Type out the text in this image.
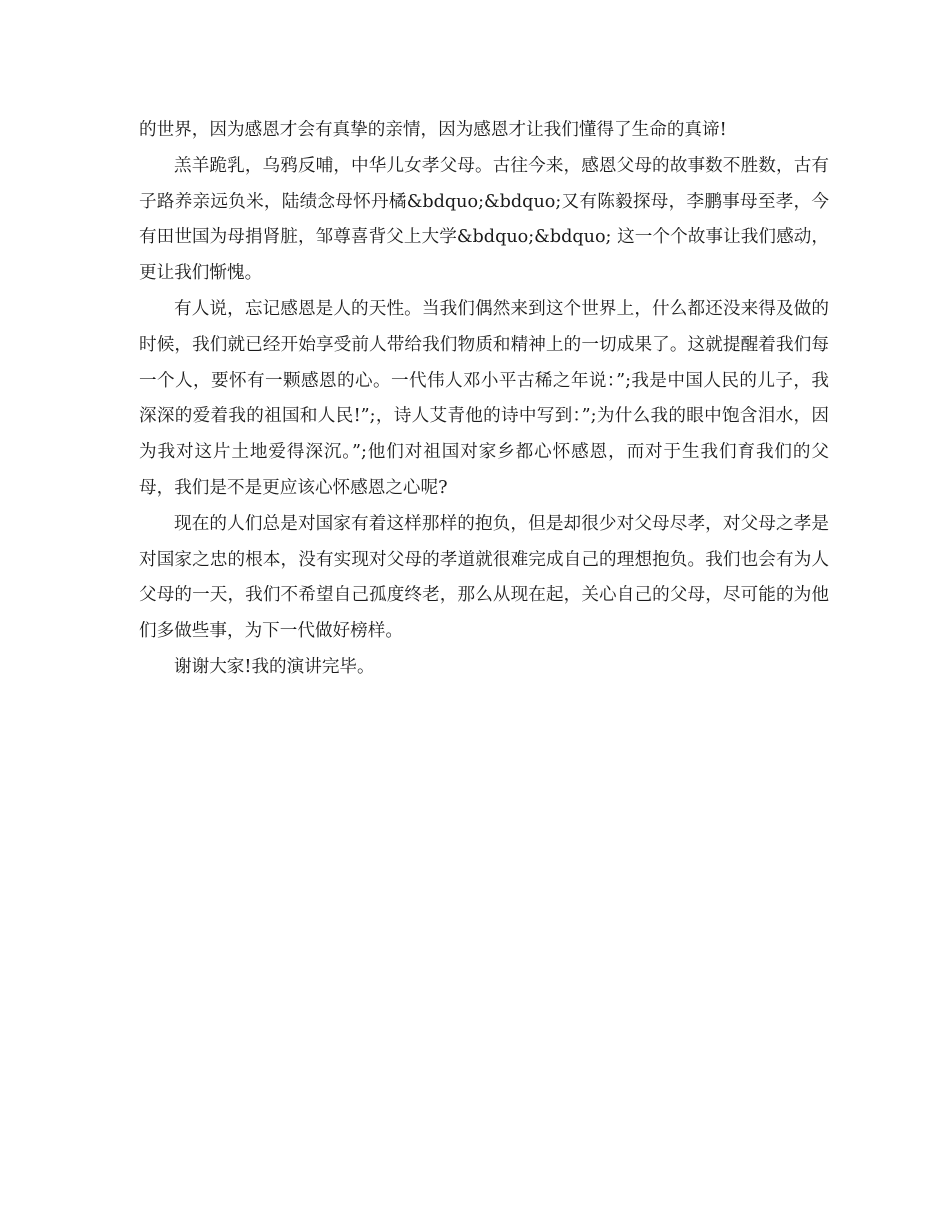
的世界，因为感恩才会有真挚的亲情，因为感恩才让我们懂得了生命的真谛!

羔羊跪乳，乌鸦反哺，中华儿女孝父母。古往今来，感恩父母的故事数不胜数，古有子路养亲远负米，陆绩念母怀丹橘&bdquo;&bdquo;又有陈毅探母，李鹏事母至孝，今有田世国为母捐肾脏，邹尊喜背父上大学&bdquo;&bdquo; 这一个个故事让我们感动，更让我们惭愧。

有人说，忘记感恩是人的天性。当我们偶然来到这个世界上，什么都还没来得及做的时候，我们就已经开始享受前人带给我们物质和精神上的一切成果了。这就提醒着我们每一个人，要怀有一颗感恩的心。一代伟人邓小平古稀之年说：”;我是中国人民的儿子，我深深的爱着我的祖国和人民!”;，诗人艾青他的诗中写到：”;为什么我的眼中饱含泪水，因为我对这片土地爱得深沉。”;他们对祖国对家乡都心怀感恩，而对于生我们育我们的父母，我们是不是更应该心怀感恩之心呢?

现在的人们总是对国家有着这样那样的抱负，但是却很少对父母尽孝，对父母之孝是对国家之忠的根本，没有实现对父母的孝道就很难完成自己的理想抱负。我们也会有为人父母的一天，我们不希望自己孤度终老，那么从现在起，关心自己的父母，尽可能的为他们多做些事，为下一代做好榜样。

谢谢大家!我的演讲完毕。
